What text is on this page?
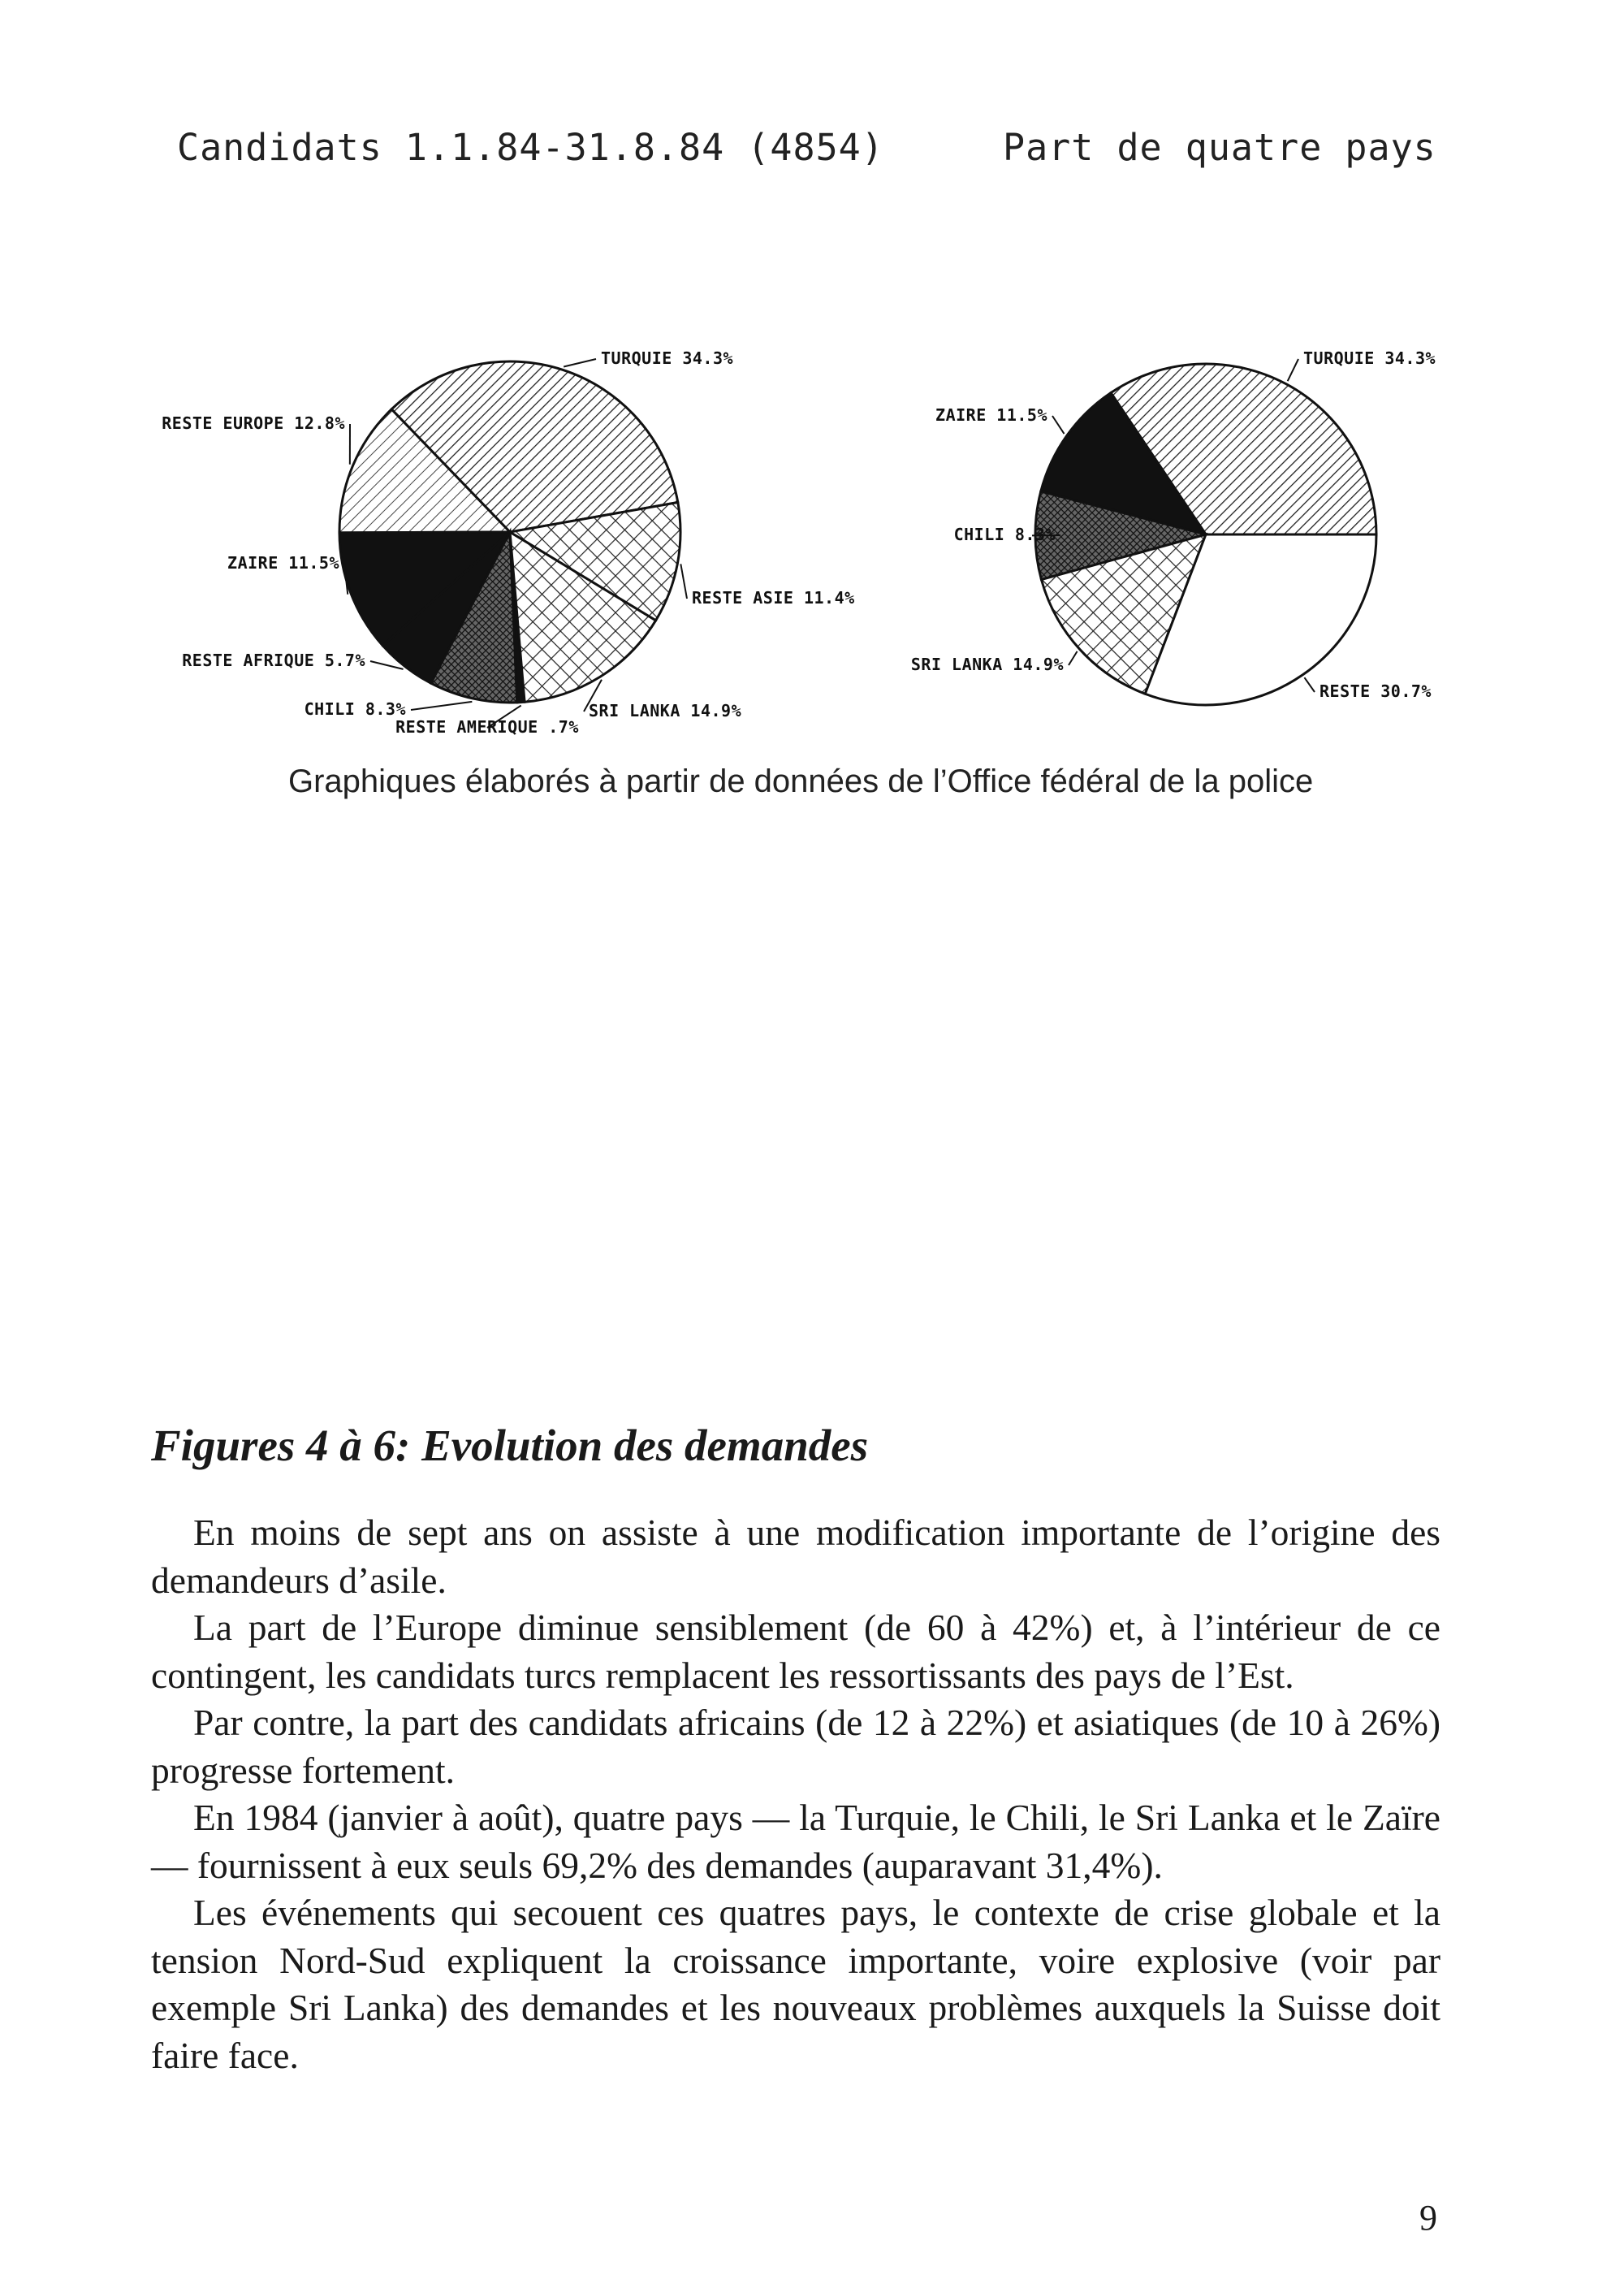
Candidats 1.1.84-31.8.84 (4854)	Part de quatre pays
TURQUIE 34.3%
RESTE EUROPE 12.8%
ZAIRE 11.5%
RESTE AFRIQUE 5.7%
CHILI 8.3%
RESTE AMERIQUE .7%
SRI LANKA 14.9%
RESTE ASIE 11.4%
TURQUIE 34.3%
ZAIRE 11.5%
CHILI 8.3%
SRI LANKA 14.9%
RESTE 30.7%
Graphiques élaborés à partir de données de l’Office fédéral de la police
Figures 4 à 6: Evolution des demandes

En moins de sept ans on assiste à une modification importante de l’origine des demandeurs d’asile.

La part de l’Europe diminue sensiblement (de 60 à 42%) et, à l’intérieur de ce contingent, les candidats turcs remplacent les ressortissants des pays de l’Est.

Par contre, la part des candidats africains (de 12 à 22%) et asiatiques (de 10 à 26%) progresse fortement.

En 1984 (janvier à août), quatre pays — la Turquie, le Chili, le Sri Lanka et le Zaïre — fournissent à eux seuls 69,2% des demandes (auparavant 31,4%).

Les événements qui secouent ces quatres pays, le contexte de crise globale et la tension Nord-Sud expliquent la croissance importante, voire explosive (voir par exemple Sri Lanka) des demandes et les nouveaux problèmes auxquels la Suisse doit faire face.

9
